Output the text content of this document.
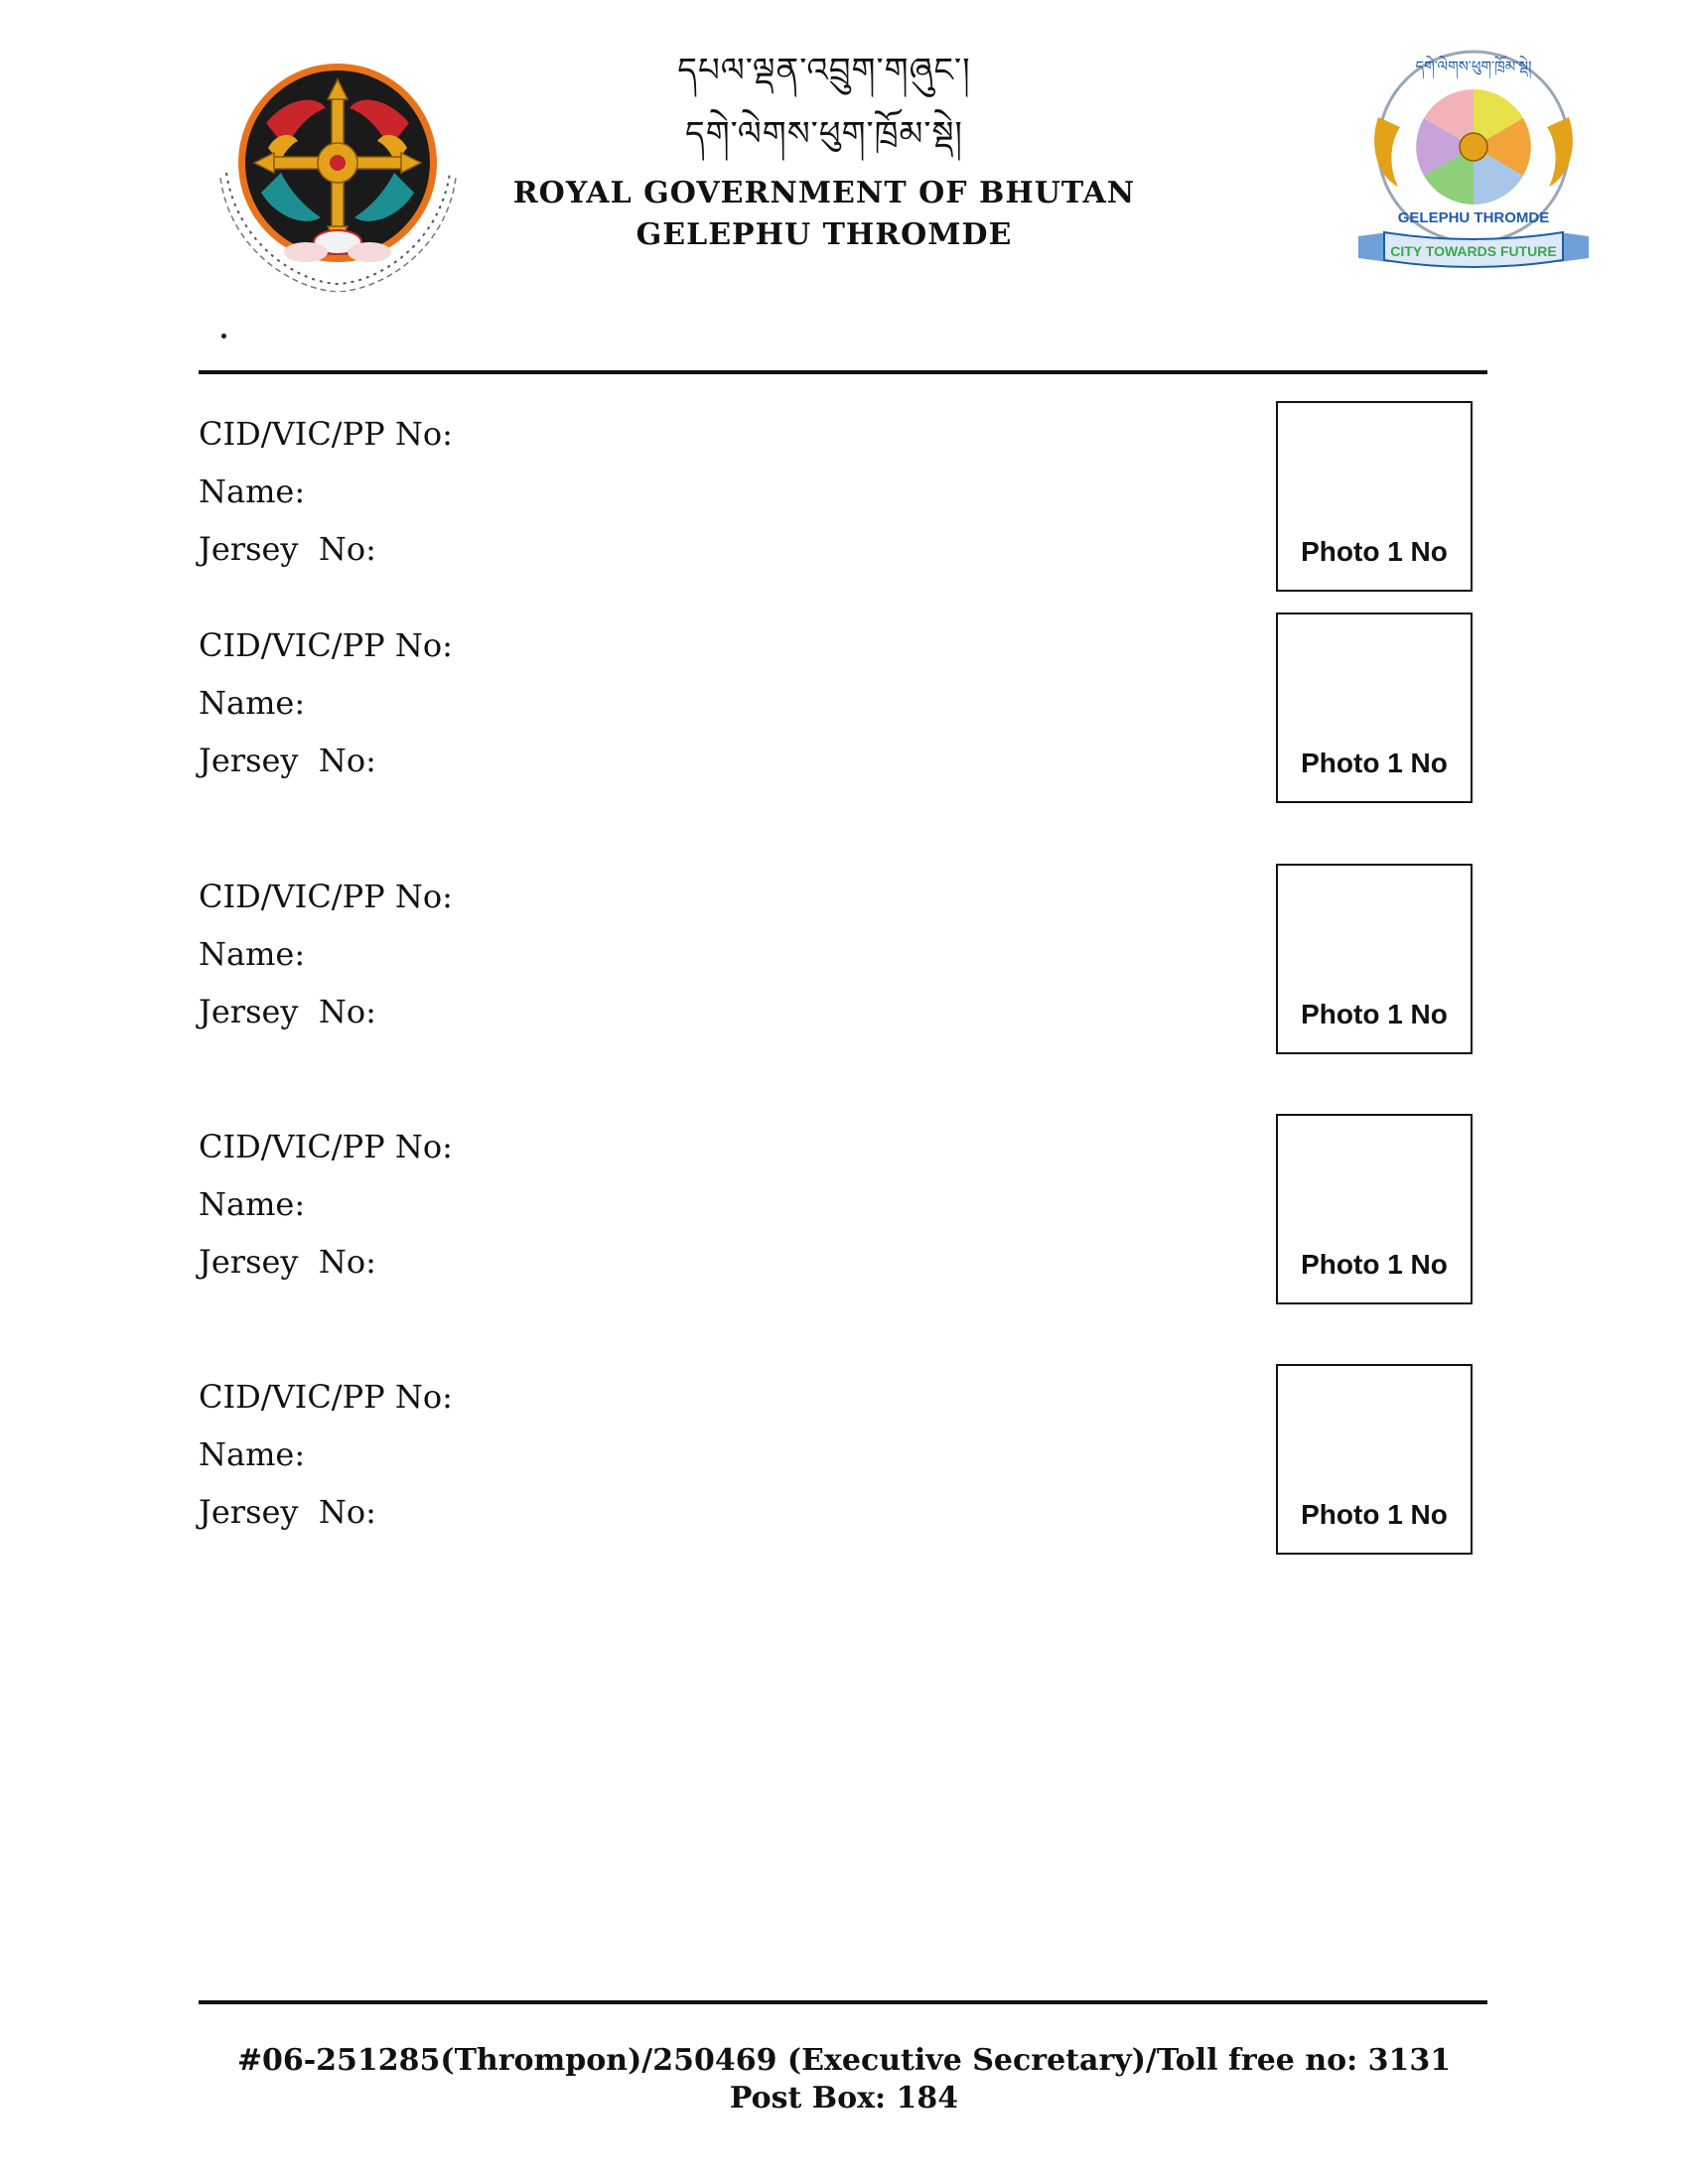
དཔལ་ལྡན་འབྲུག་གཞུང་།
དགེ་ལེགས་ཕུག་ཁྲོམ་སྡེ།
ROYAL GOVERNMENT OF BHUTAN
GELEPHU THROMDE
དགེ་ལེགས་ཕུག་ཁྲོམ་སྡེ།
GELEPHU THROMDE
CITY TOWARDS FUTURE
CID/VIC/PP No:
Name:
Jersey  No:	Photo 1 No
CID/VIC/PP No:
Name:
Jersey  No:	Photo 1 No
CID/VIC/PP No:
Name:
Jersey  No:	Photo 1 No
CID/VIC/PP No:
Name:
Jersey  No:	Photo 1 No
CID/VIC/PP No:
Name:
Jersey  No:	Photo 1 No
#06-251285(Thrompon)/250469 (Executive Secretary)/Toll free no: 3131
Post Box: 184
